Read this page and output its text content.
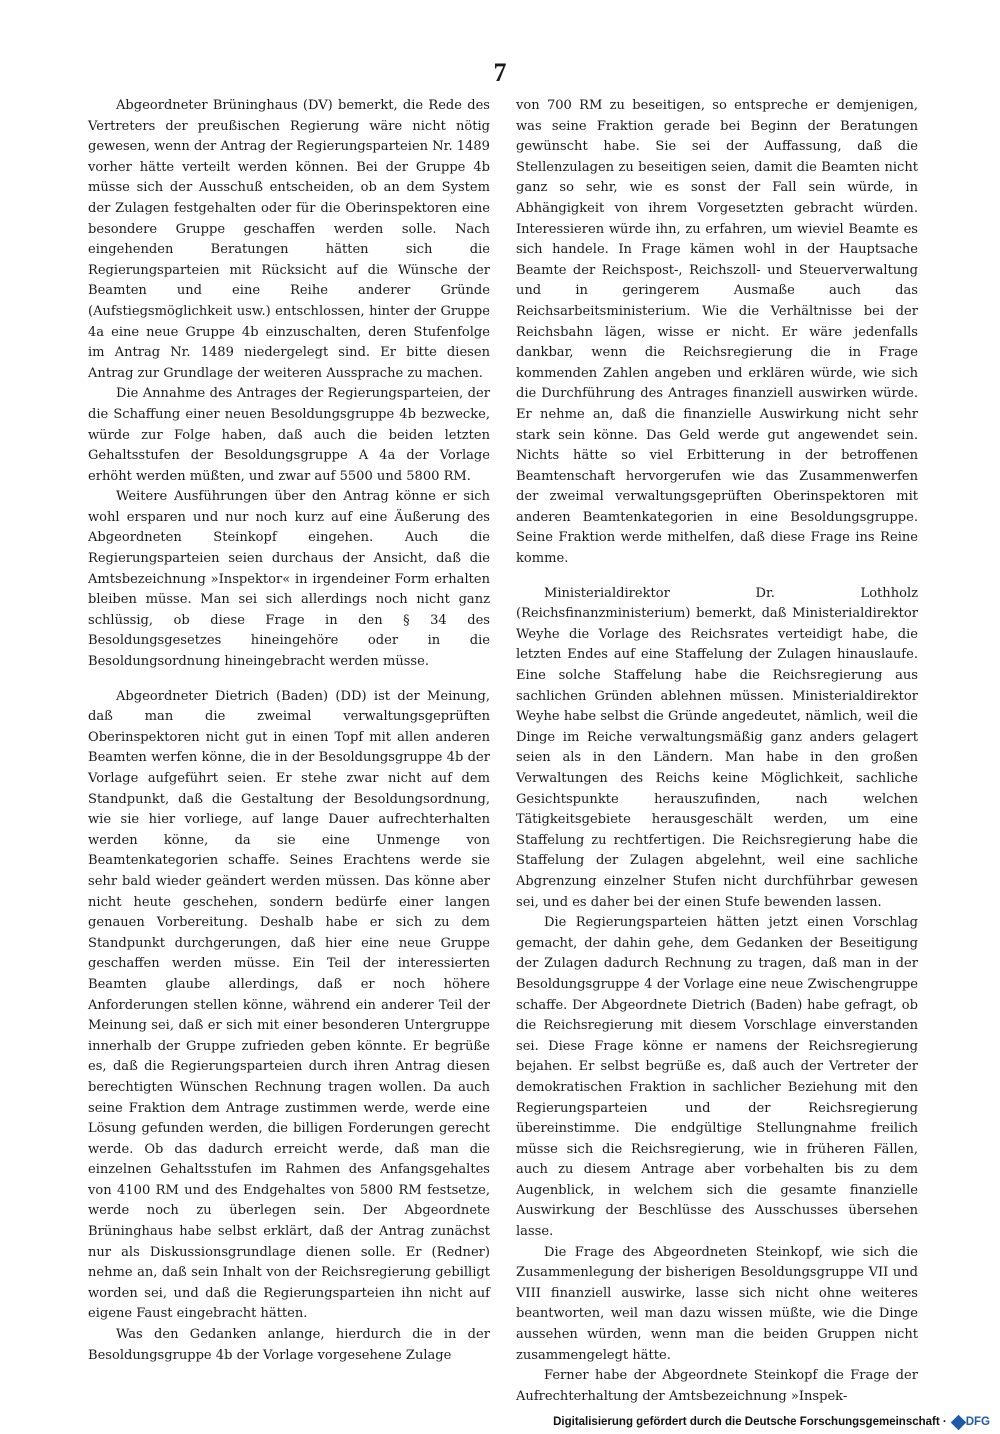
7

Abgeordneter Brüninghaus (DV) bemerkt, die Rede des Vertreters der preußischen Regierung wäre nicht nötig gewesen, wenn der Antrag der Regierungsparteien Nr. 1489 vorher hätte verteilt werden können. Bei der Gruppe 4b müsse sich der Ausschuß entscheiden, ob an dem System der Zulagen festgehalten oder für die Oberinspektoren eine besondere Gruppe geschaffen werden solle. Nach eingehenden Beratungen hätten sich die Regierungsparteien mit Rücksicht auf die Wünsche der Beamten und eine Reihe anderer Gründe (Aufstiegsmöglichkeit usw.) entschlossen, hinter der Gruppe 4a eine neue Gruppe 4b einzuschalten, deren Stufenfolge im Antrag Nr. 1489 niedergelegt sind. Er bitte diesen Antrag zur Grundlage der weiteren Aussprache zu machen.

Die Annahme des Antrages der Regierungsparteien, der die Schaffung einer neuen Besoldungsgruppe 4b bezwecke, würde zur Folge haben, daß auch die beiden letzten Gehaltsstufen der Besoldungsgruppe A 4a der Vorlage erhöht werden müßten, und zwar auf 5500 und 5800 RM.

Weitere Ausführungen über den Antrag könne er sich wohl ersparen und nur noch kurz auf eine Äußerung des Abgeordneten Steinkopf eingehen. Auch die Regierungsparteien seien durchaus der Ansicht, daß die Amtsbezeichnung »Inspektor« in irgendeiner Form erhalten bleiben müsse. Man sei sich allerdings noch nicht ganz schlüssig, ob diese Frage in den § 34 des Besoldungsgesetzes hineingehöre oder in die Besoldungsordnung hineingebracht werden müsse.

Abgeordneter Dietrich (Baden) (DD) ist der Meinung, daß man die zweimal verwaltungsgeprüften Oberinspektoren nicht gut in einen Topf mit allen anderen Beamten werfen könne, die in der Besoldungsgruppe 4b der Vorlage aufgeführt seien. Er stehe zwar nicht auf dem Standpunkt, daß die Gestaltung der Besoldungsordnung, wie sie hier vorliege, auf lange Dauer aufrechterhalten werden könne, da sie eine Unmenge von Beamtenkategorien schaffe. Seines Erachtens werde sie sehr bald wieder geändert werden müssen. Das könne aber nicht heute geschehen, sondern bedürfe einer langen genauen Vorbereitung. Deshalb habe er sich zu dem Standpunkt durchgerungen, daß hier eine neue Gruppe geschaffen werden müsse. Ein Teil der interessierten Beamten glaube allerdings, daß er noch höhere Anforderungen stellen könne, während ein anderer Teil der Meinung sei, daß er sich mit einer besonderen Untergruppe innerhalb der Gruppe zufrieden geben könnte. Er begrüße es, daß die Regierungsparteien durch ihren Antrag diesen berechtigten Wünschen Rechnung tragen wollen. Da auch seine Fraktion dem Antrage zustimmen werde, werde eine Lösung gefunden werden, die billigen Forderungen gerecht werde. Ob das dadurch erreicht werde, daß man die einzelnen Gehaltsstufen im Rahmen des Anfangsgehaltes von 4100 RM und des Endgehaltes von 5800 RM festsetze, werde noch zu überlegen sein. Der Abgeordnete Brüninghaus habe selbst erklärt, daß der Antrag zunächst nur als Diskussionsgrundlage dienen solle. Er (Redner) nehme an, daß sein Inhalt von der Reichsregierung gebilligt worden sei, und daß die Regierungsparteien ihn nicht auf eigene Faust eingebracht hätten.

Was den Gedanken anlange, hierdurch die in der Besoldungsgruppe 4b der Vorlage vorgesehene Zulage

von 700 RM zu beseitigen, so entspreche er demjenigen, was seine Fraktion gerade bei Beginn der Beratungen gewünscht habe. Sie sei der Auffassung, daß die Stellenzulagen zu beseitigen seien, damit die Beamten nicht ganz so sehr, wie es sonst der Fall sein würde, in Abhängigkeit von ihrem Vorgesetzten gebracht würden. Interessieren würde ihn, zu erfahren, um wieviel Beamte es sich handele. In Frage kämen wohl in der Hauptsache Beamte der Reichspost-, Reichszoll- und Steuerverwaltung und in geringerem Ausmaße auch das Reichsarbeitsministerium. Wie die Verhältnisse bei der Reichsbahn lägen, wisse er nicht. Er wäre jedenfalls dankbar, wenn die Reichsregierung die in Frage kommenden Zahlen angeben und erklären würde, wie sich die Durchführung des Antrages finanziell auswirken würde. Er nehme an, daß die finanzielle Auswirkung nicht sehr stark sein könne. Das Geld werde gut angewendet sein. Nichts hätte so viel Erbitterung in der betroffenen Beamtenschaft hervorgerufen wie das Zusammenwerfen der zweimal verwaltungsgeprüften Oberinspektoren mit anderen Beamtenkategorien in eine Besoldungsgruppe. Seine Fraktion werde mithelfen, daß diese Frage ins Reine komme.

Ministerialdirektor Dr. Lothholz (Reichsfinanzministerium) bemerkt, daß Ministerialdirektor Weyhe die Vorlage des Reichsrates verteidigt habe, die letzten Endes auf eine Staffelung der Zulagen hinauslaufe. Eine solche Staffelung habe die Reichsregierung aus sachlichen Gründen ablehnen müssen. Ministerialdirektor Weyhe habe selbst die Gründe angedeutet, nämlich, weil die Dinge im Reiche verwaltungsmäßig ganz anders gelagert seien als in den Ländern. Man habe in den großen Verwaltungen des Reichs keine Möglichkeit, sachliche Gesichtspunkte herauszufinden, nach welchen Tätigkeitsgebiete herausgeschält werden, um eine Staffelung zu rechtfertigen. Die Reichsregierung habe die Staffelung der Zulagen abgelehnt, weil eine sachliche Abgrenzung einzelner Stufen nicht durchführbar gewesen sei, und es daher bei der einen Stufe bewenden lassen.

Die Regierungsparteien hätten jetzt einen Vorschlag gemacht, der dahin gehe, dem Gedanken der Beseitigung der Zulagen dadurch Rechnung zu tragen, daß man in der Besoldungsgruppe 4 der Vorlage eine neue Zwischengruppe schaffe. Der Abgeordnete Dietrich (Baden) habe gefragt, ob die Reichsregierung mit diesem Vorschlage einverstanden sei. Diese Frage könne er namens der Reichsregierung bejahen. Er selbst begrüße es, daß auch der Vertreter der demokratischen Fraktion in sachlicher Beziehung mit den Regierungsparteien und der Reichsregierung übereinstimme. Die endgültige Stellungnahme freilich müsse sich die Reichsregierung, wie in früheren Fällen, auch zu diesem Antrage aber vorbehalten bis zu dem Augenblick, in welchem sich die gesamte finanzielle Auswirkung der Beschlüsse des Ausschusses übersehen lasse.

Die Frage des Abgeordneten Steinkopf, wie sich die Zusammenlegung der bisherigen Besoldungsgruppe VII und VIII finanziell auswirke, lasse sich nicht ohne weiteres beantworten, weil man dazu wissen müßte, wie die Dinge aussehen würden, wenn man die beiden Gruppen nicht zusammengelegt hätte.

Ferner habe der Abgeordnete Steinkopf die Frage der Aufrechterhaltung der Amtsbezeichnung »Inspek-

Digitalisierung gefördert durch die Deutsche Forschungsgemeinschaft · DFG
